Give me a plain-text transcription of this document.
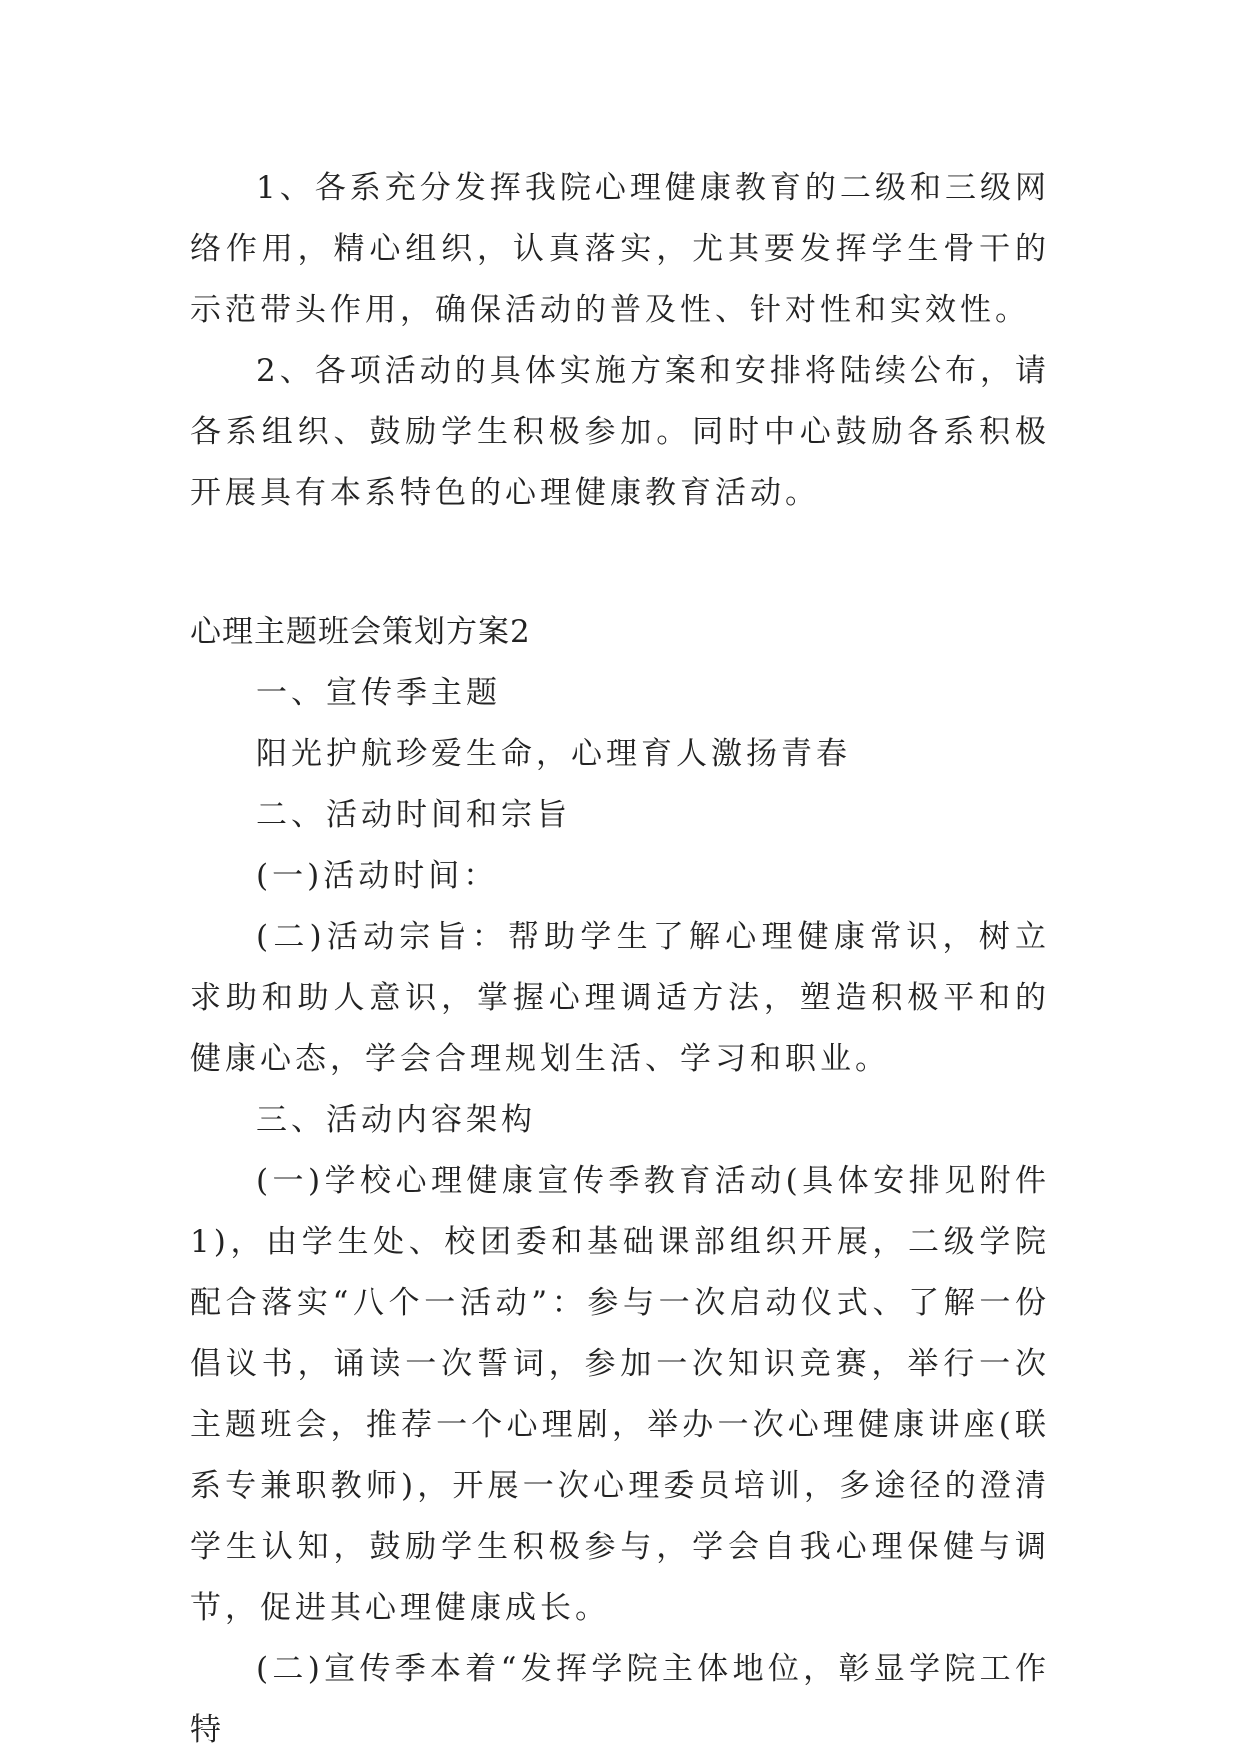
1、各系充分发挥我院心理健康教育的二级和三级网络作用，精心组织，认真落实，尤其要发挥学生骨干的示范带头作用，确保活动的普及性、针对性和实效性。

2、各项活动的具体实施方案和安排将陆续公布，请各系组织、鼓励学生积极参加。同时中心鼓励各系积极开展具有本系特色的心理健康教育活动。

心理主题班会策划方案2

一、宣传季主题

阳光护航珍爱生命，心理育人激扬青春

二、活动时间和宗旨

(一)活动时间：

(二)活动宗旨：帮助学生了解心理健康常识，树立求助和助人意识，掌握心理调适方法，塑造积极平和的健康心态，学会合理规划生活、学习和职业。

三、活动内容架构

(一)学校心理健康宣传季教育活动(具体安排见附件1)，由学生处、校团委和基础课部组织开展，二级学院配合落实“八个一活动”：参与一次启动仪式、了解一份倡议书，诵读一次誓词，参加一次知识竞赛，举行一次主题班会，推荐一个心理剧，举办一次心理健康讲座(联系专兼职教师)，开展一次心理委员培训，多途径的澄清学生认知，鼓励学生积极参与，学会自我心理保健与调节，促进其心理健康成长。

(二)宣传季本着“发挥学院主体地位，彰显学院工作特
